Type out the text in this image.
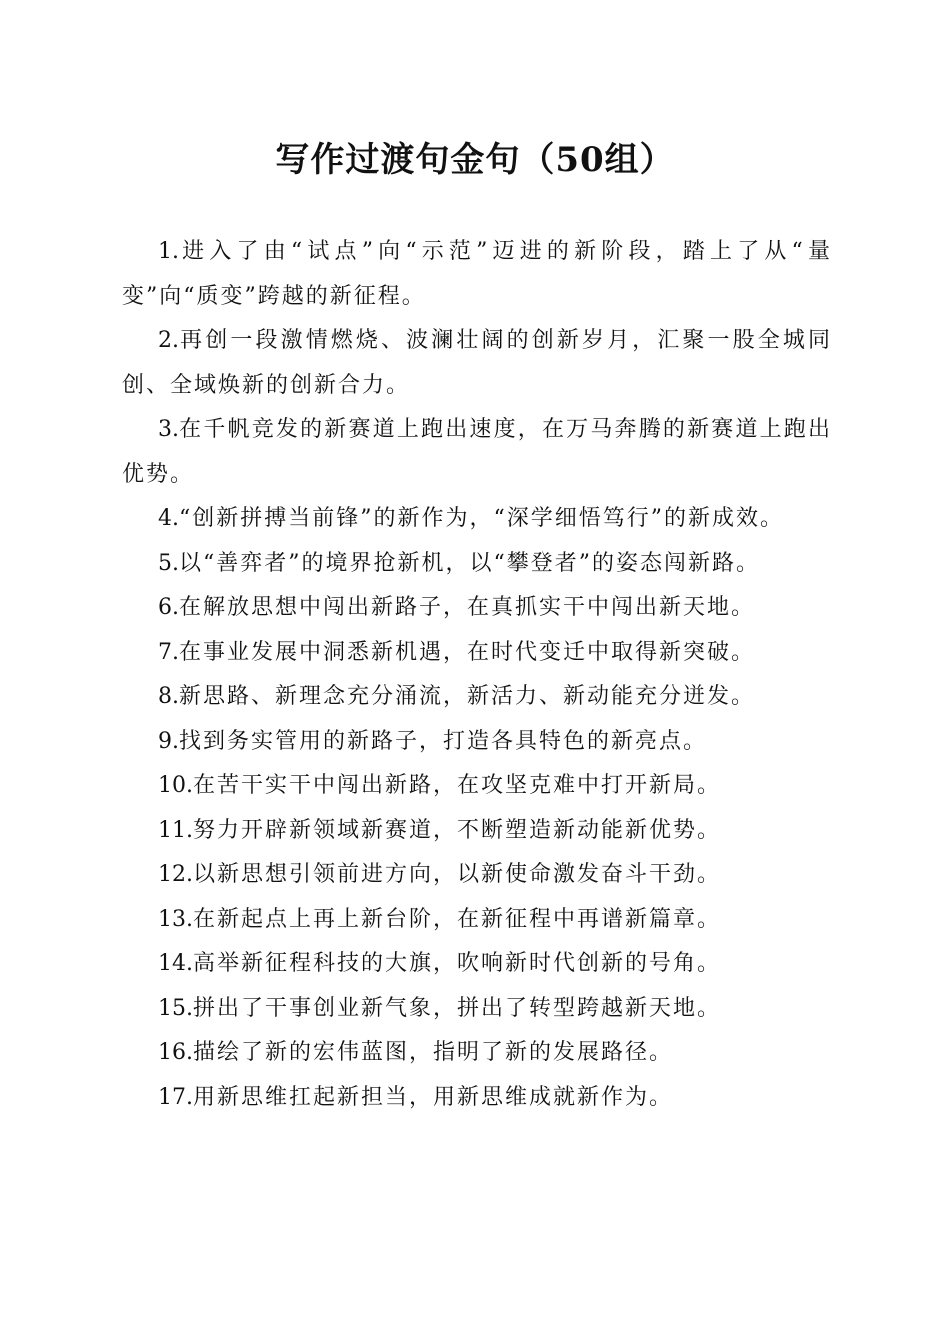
写作过渡句金句（50组）

1.进入了由“试点”向“示范”迈进的新阶段，踏上了从“量变”向“质变”跨越的新征程。

2.再创一段激情燃烧、波澜壮阔的创新岁月，汇聚一股全城同创、全域焕新的创新合力。

3.在千帆竞发的新赛道上跑出速度，在万马奔腾的新赛道上跑出优势。

4.“创新拼搏当前锋”的新作为，“深学细悟笃行”的新成效。

5.以“善弈者”的境界抢新机，以“攀登者”的姿态闯新路。

6.在解放思想中闯出新路子，在真抓实干中闯出新天地。

7.在事业发展中洞悉新机遇，在时代变迁中取得新突破。

8.新思路、新理念充分涌流，新活力、新动能充分迸发。

9.找到务实管用的新路子，打造各具特色的新亮点。

10.在苦干实干中闯出新路，在攻坚克难中打开新局。

11.努力开辟新领域新赛道，不断塑造新动能新优势。

12.以新思想引领前进方向，以新使命激发奋斗干劲。

13.在新起点上再上新台阶，在新征程中再谱新篇章。

14.高举新征程科技的大旗，吹响新时代创新的号角。

15.拼出了干事创业新气象，拼出了转型跨越新天地。

16.描绘了新的宏伟蓝图，指明了新的发展路径。

17.用新思维扛起新担当，用新思维成就新作为。
